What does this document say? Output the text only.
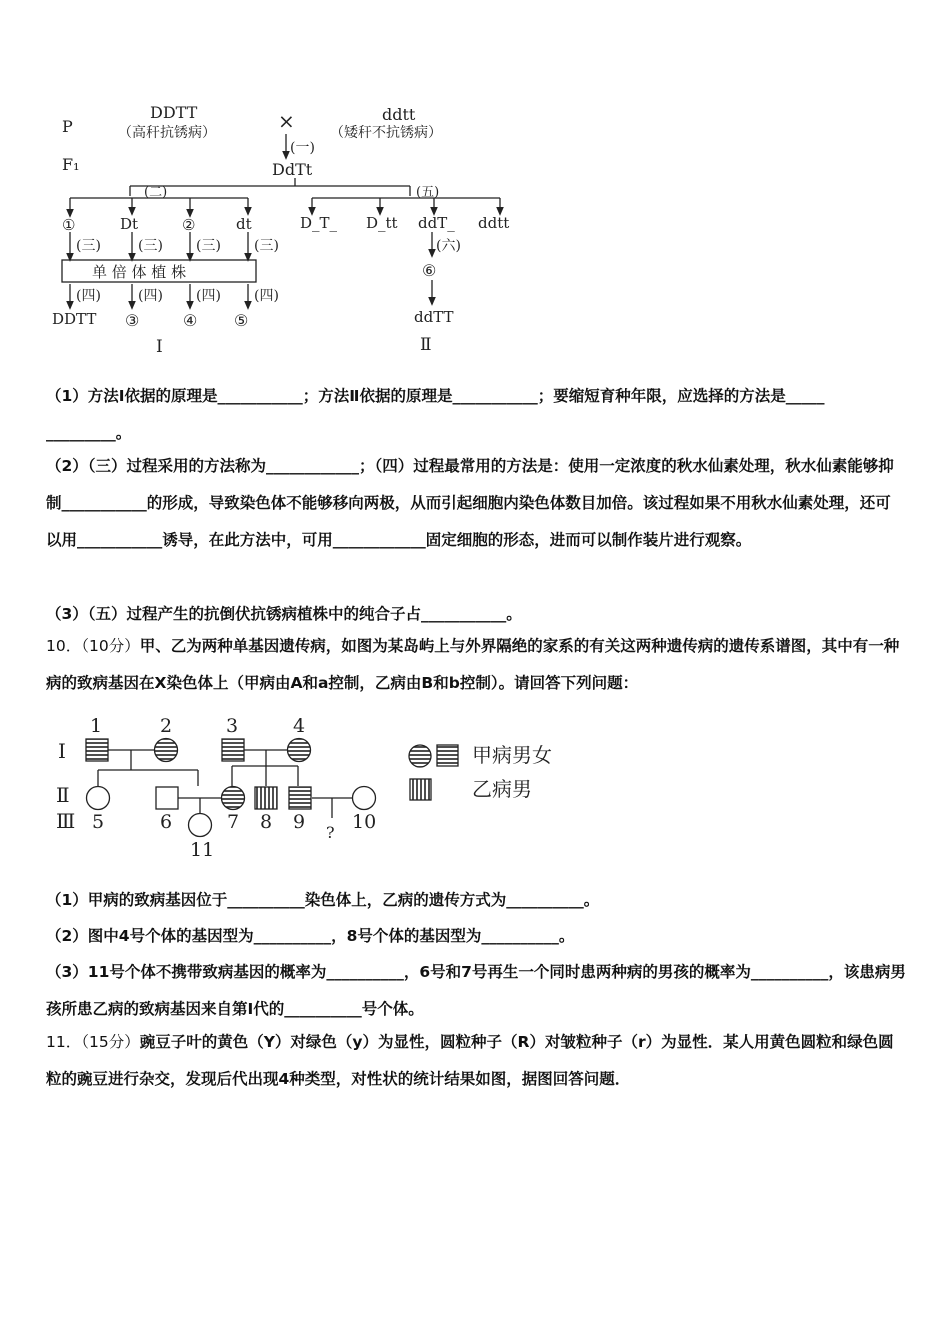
P
F₁
DDTT
（高秆抗锈病）	×	ddtt
（矮秆不抗锈病）
(一)
DdTt
(二)	(五)
①	Dt	②	dt	D_T_ D_tt ddT_ ddtt
(三)	(三) (三) (三)	(六)
单 倍 体 植 株
(四)	(四) (四) (四)
⑥
DDTT ③	④ ⑤	ddTT
Ⅰ	Ⅱ
（1）方法Ⅰ依据的原理是___________；方法Ⅱ依据的原理是___________；要缩短育种年限，应选择的方法是_____
_________。
（2）（三）过程采用的方法称为____________；（四）过程最常用的方法是：使用一定浓度的秋水仙素处理，秋水仙素能够抑制___________的形成，导致染色体不能够移向两极，从而引起细胞内染色体数目加倍。该过程如果不用秋水仙素处理，还可以用___________诱导，在此方法中，可用____________固定细胞的形态，进而可以制作装片进行观察。
（3）（五）过程产生的抗倒伏抗锈病植株中的纯合子占___________。
10．（10分）甲、乙为两种单基因遗传病，如图为某岛屿上与外界隔绝的家系的有关这两种遗传病的遗传系谱图，其中有一种病的致病基因在X染色体上（甲病由A和a控制，乙病由B和b控制）。请回答下列问题：
Ⅰ
Ⅱ
Ⅲ
1	2	3	4
5	6	7 8 9 10
11
?
甲病男女
乙病男
（1）甲病的致病基因位于__________染色体上，乙病的遗传方式为__________。
（2）图中4号个体的基因型为__________，8号个体的基因型为__________。
（3）11号个体不携带致病基因的概率为__________，6号和7号再生一个同时患两种病的男孩的概率为__________，该患病男孩所患乙病的致病基因来自第Ⅰ代的__________号个体。
11．（15分）豌豆子叶的黄色（Y）对绿色（y）为显性，圆粒种子（R）对皱粒种子（r）为显性．某人用黄色圆粒和绿色圆粒的豌豆进行杂交，发现后代出现4种类型，对性状的统计结果如图，据图回答问题．
